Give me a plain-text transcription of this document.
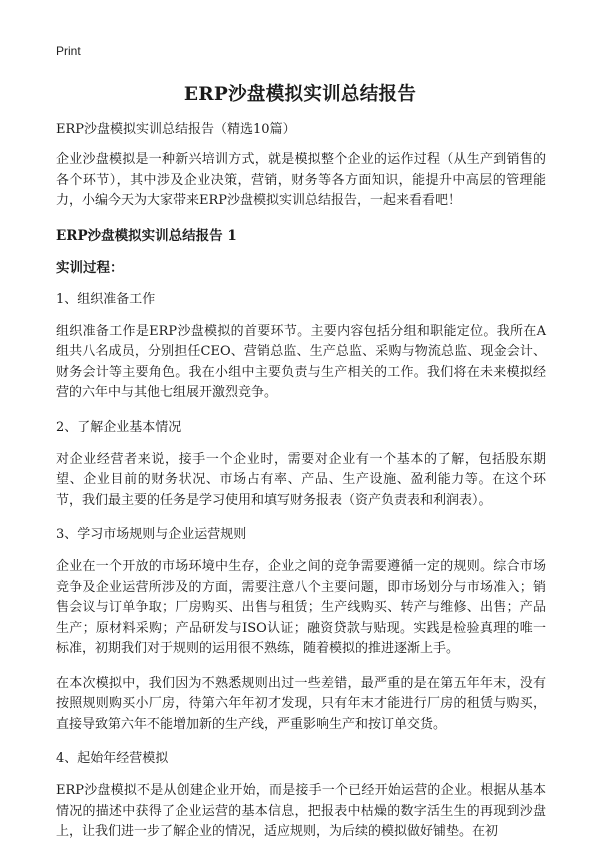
Print
ERP沙盘模拟实训总结报告
ERP沙盘模拟实训总结报告（精选10篇）

企业沙盘模拟是一种新兴培训方式，就是模拟整个企业的运作过程（从生产到销售的各个环节），其中涉及企业决策，营销，财务等各方面知识，能提升中高层的管理能力，小编今天为大家带来ERP沙盘模拟实训总结报告，一起来看看吧！

ERP沙盘模拟实训总结报告 1
实训过程：
1、组织准备工作

组织准备工作是ERP沙盘模拟的首要环节。主要内容包括分组和职能定位。我所在A组共八名成员，分别担任CEO、营销总监、生产总监、采购与物流总监、现金会计、财务会计等主要角色。我在小组中主要负责与生产相关的工作。我们将在未来模拟经营的六年中与其他七组展开激烈竞争。

2、了解企业基本情况

对企业经营者来说，接手一个企业时，需要对企业有一个基本的了解，包括股东期望、企业目前的财务状况、市场占有率、产品、生产设施、盈利能力等。在这个环节，我们最主要的任务是学习使用和填写财务报表（资产负责表和利润表）。

3、学习市场规则与企业运营规则

企业在一个开放的市场环境中生存，企业之间的竞争需要遵循一定的规则。综合市场竞争及企业运营所涉及的方面，需要注意八个主要问题，即市场划分与市场准入；销售会议与订单争取；厂房购买、出售与租赁；生产线购买、转产与维修、出售；产品生产；原材料采购；产品研发与ISO认证；融资贷款与贴现。实践是检验真理的唯一标准，初期我们对于规则的运用很不熟练，随着模拟的推进逐渐上手。

在本次模拟中，我们因为不熟悉规则出过一些差错，最严重的是在第五年年末，没有按照规则购买小厂房，待第六年年初才发现，只有年末才能进行厂房的租赁与购买，直接导致第六年不能增加新的生产线，严重影响生产和按订单交货。

4、起始年经营模拟

ERP沙盘模拟不是从创建企业开始，而是接手一个已经开始运营的企业。根据从基本情况的描述中获得了企业运营的基本信息，把报表中枯燥的数字活生生的再现到沙盘上，让我们进一步了解企业的情况，适应规则，为后续的模拟做好铺垫。在初
